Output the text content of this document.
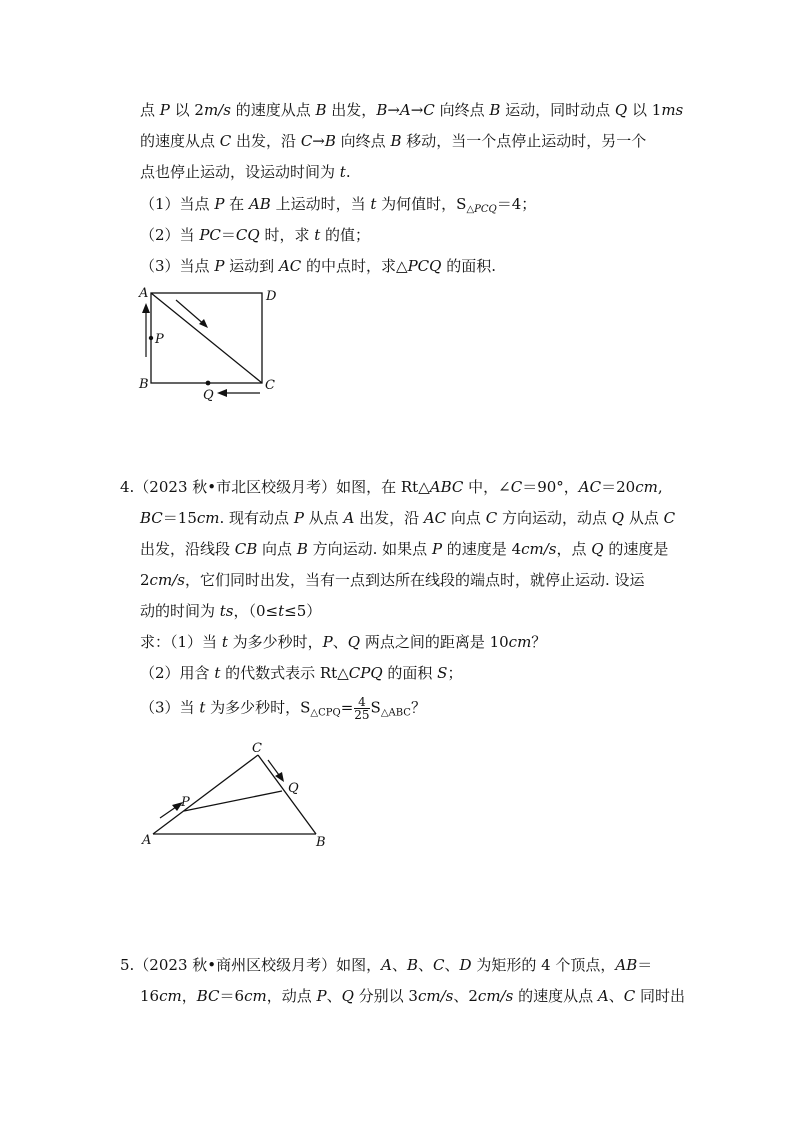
点 P 以 2m/s 的速度从点 B 出发，B→A→C 向终点 B 运动，同时动点 Q 以 1ms
的速度从点 C 出发，沿 C→B 向终点 B 移动，当一个点停止运动时，另一个
点也停止运动，设运动时间为 t.
（1）当点 P 在 AB 上运动时，当 t 为何值时，$S_{\triangle PCQ}=4$；
（2）当 PC＝CQ 时，求 t 的值；
（3）当点 P 运动到 AC 的中点时，求△PCQ 的面积.
A	D
P
B	C
Q
C
Q
P
A	B
4.（2023 秋•市北区校级月考）如图，在 Rt△ABC 中，∠C＝90°，AC＝20cm,
BC＝15cm. 现有动点 P 从点 A 出发，沿 AC 向点 C 方向运动，动点 Q 从点 C
出发，沿线段 CB 向点 B 方向运动. 如果点 P 的速度是 4cm/s，点 Q 的速度是
2cm/s，它们同时出发，当有一点到达所在线段的端点时，就停止运动. 设运
动的时间为 ts，（0≤t≤5）
求：（1）当 t 为多少秒时，P、Q 两点之间的距离是 10cm？
（2）用含 t 的代数式表示 Rt△CPQ 的面积 S；
（3）当 t 为多少秒时，$S_{\triangle CPQ}= \frac{4}{25} S_{\triangle ABC}$？
5.（2023 秋•商州区校级月考）如图，A、B、C、D 为矩形的 4 个顶点，AB＝
16cm，BC＝6cm，动点 P、Q 分别以 3cm/s、2cm/s 的速度从点 A、C 同时出
